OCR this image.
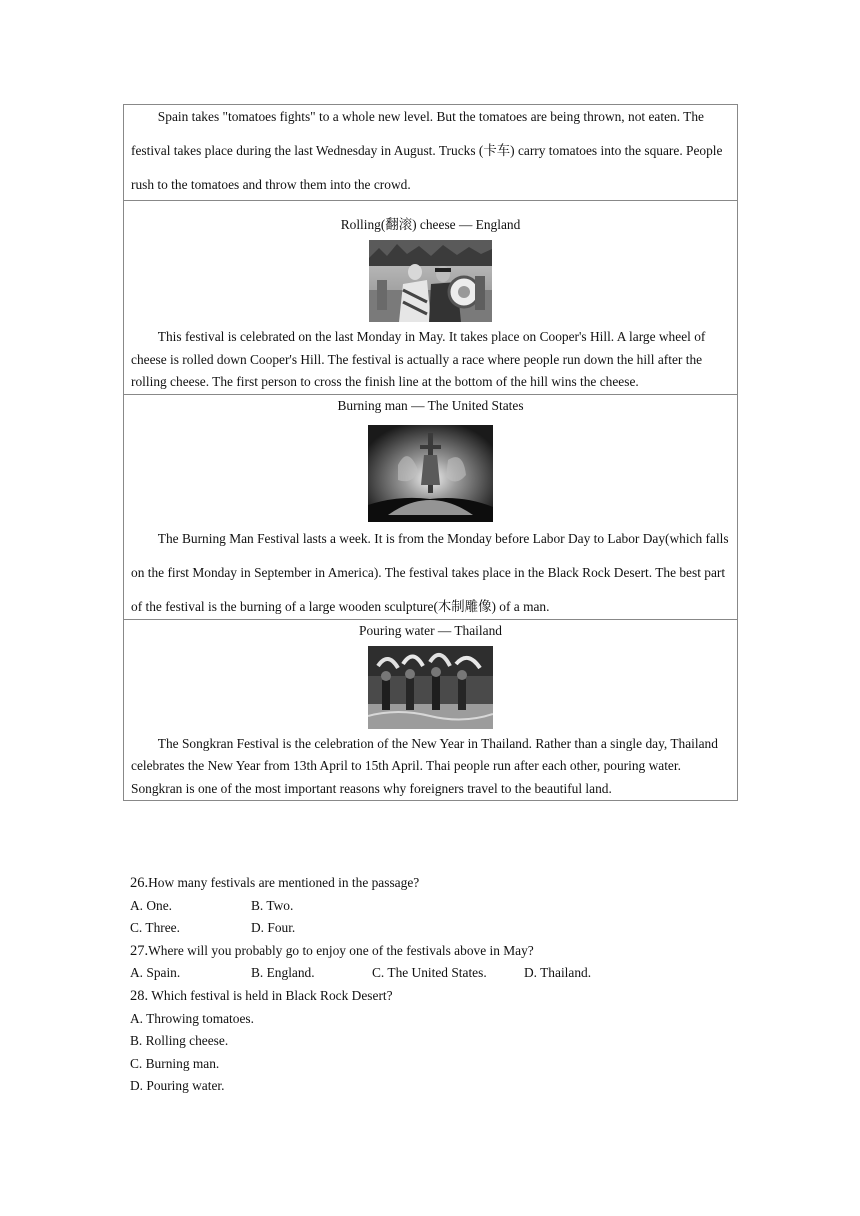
Spain takes "tomatoes fights" to a whole new level. But the tomatoes are being thrown, not eaten. The festival takes place during the last Wednesday in August. Trucks (卡车) carry tomatoes into the square. People rush to the tomatoes and throw them into the crowd.

Rolling(翻滚) cheese — England

This festival is celebrated on the last Monday in May. It takes place on Cooper's Hill. A large wheel of cheese is rolled down Cooper's Hill. The festival is actually a race where people run down the hill after the rolling cheese. The first person to cross the finish line at the bottom of the hill wins the cheese.

Burning man — The United States

The Burning Man Festival lasts a week. It is from the Monday before Labor Day to Labor Day(which falls on the first Monday in September in America). The festival takes place in the Black Rock Desert. The best part of the festival is the burning of a large wooden sculpture(木制雕像) of a man.

Pouring water — Thailand

The Songkran Festival is the celebration of the New Year in Thailand. Rather than a single day, Thailand celebrates the New Year from 13th April to 15th April. Thai people run after each other, pouring water. Songkran is one of the most important reasons why foreigners travel to the beautiful land.

26.How many festivals are mentioned in the passage?

A. One.	B. Two.

C. Three.	D. Four.

27.Where will you probably go to enjoy one of the festivals above in May?

A. Spain.	B. England.	C. The United States.	D. Thailand.

28. Which festival is held in Black Rock Desert?

A. Throwing tomatoes.

B. Rolling cheese.

C. Burning man.

D. Pouring water.
